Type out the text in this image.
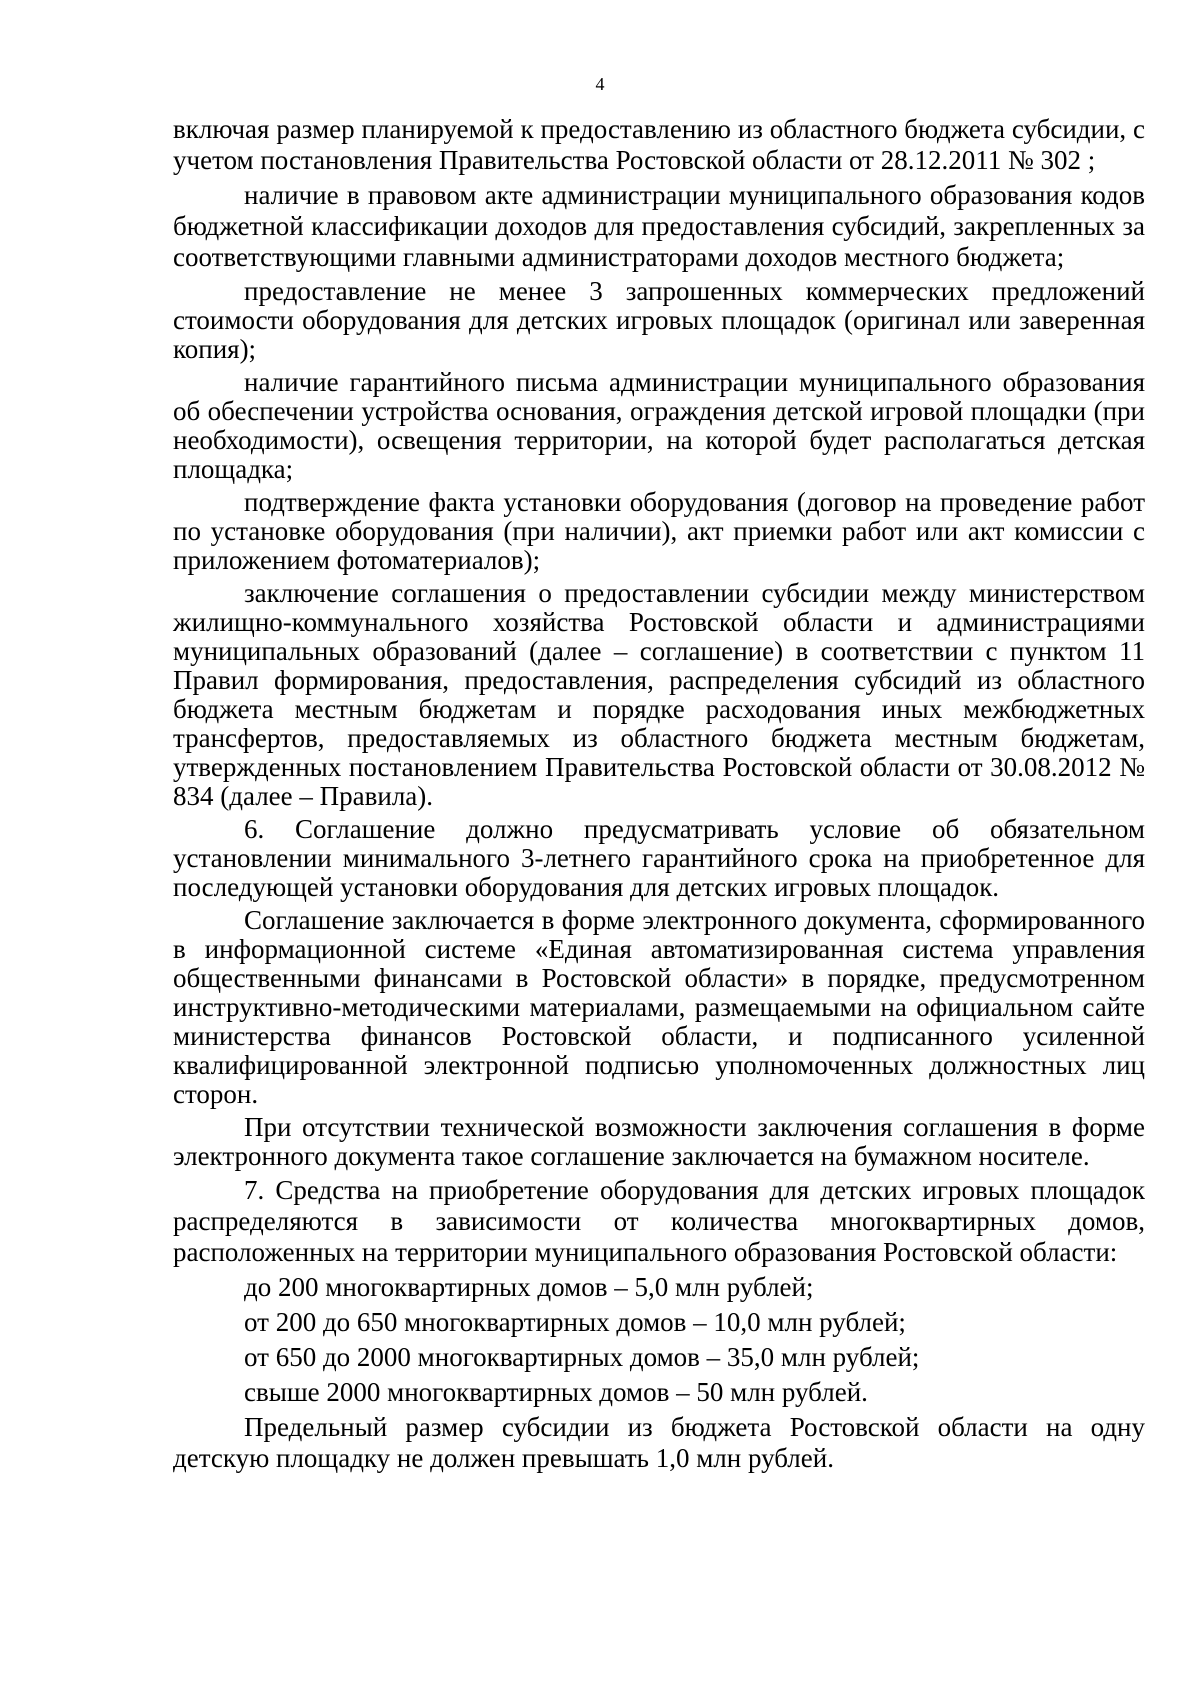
4

включая размер планируемой к предоставлению из областного бюджета субсидии, с учетом постановления Правительства Ростовской области от 28.12.2011 № 302 ;

наличие в правовом акте администрации муниципального образования кодов бюджетной классификации доходов для предоставления субсидий, закрепленных за соответствующими главными администраторами доходов местного бюджета;

предоставление не менее 3 запрошенных коммерческих предложений стоимости оборудования для детских игровых площадок (оригинал или заверенная копия);

наличие гарантийного письма администрации муниципального образования об обеспечении устройства основания, ограждения детской игровой площадки (при необходимости), освещения территории, на которой будет располагаться детская площадка;

подтверждение факта установки оборудования (договор на проведение работ по установке оборудования (при наличии), акт приемки работ или акт комиссии с приложением фотоматериалов);

заключение соглашения о предоставлении субсидии между министерством жилищно-коммунального хозяйства Ростовской области и администрациями муниципальных образований (далее – соглашение) в соответствии с пунктом 11 Правил формирования, предоставления, распределения субсидий из областного бюджета местным бюджетам и порядке расходования иных межбюджетных трансфертов, предоставляемых из областного бюджета местным бюджетам, утвержденных постановлением Правительства Ростовской области от 30.08.2012 № 834 (далее – Правила).

6. Соглашение должно предусматривать условие об обязательном установлении минимального 3-летнего гарантийного срока на приобретенное для последующей установки оборудования для детских игровых площадок.

Соглашение заключается в форме электронного документа, сформированного в информационной системе «Единая автоматизированная система управления общественными финансами в Ростовской области» в порядке, предусмотренном инструктивно-методическими материалами, размещаемыми на официальном сайте министерства финансов Ростовской области, и подписанного усиленной квалифицированной электронной подписью уполномоченных должностных лиц сторон.

При отсутствии технической возможности заключения соглашения в форме электронного документа такое соглашение заключается на бумажном носителе.

7. Средства на приобретение оборудования для детских игровых площадок распределяются в зависимости от количества многоквартирных домов, расположенных на территории муниципального образования Ростовской области:

до 200 многоквартирных домов – 5,0 млн рублей;

от 200 до 650 многоквартирных домов – 10,0 млн рублей;

от 650 до 2000 многоквартирных домов – 35,0 млн рублей;

свыше 2000 многоквартирных домов – 50 млн рублей.

Предельный размер субсидии из бюджета Ростовской области на одну детскую площадку не должен превышать 1,0 млн рублей.
